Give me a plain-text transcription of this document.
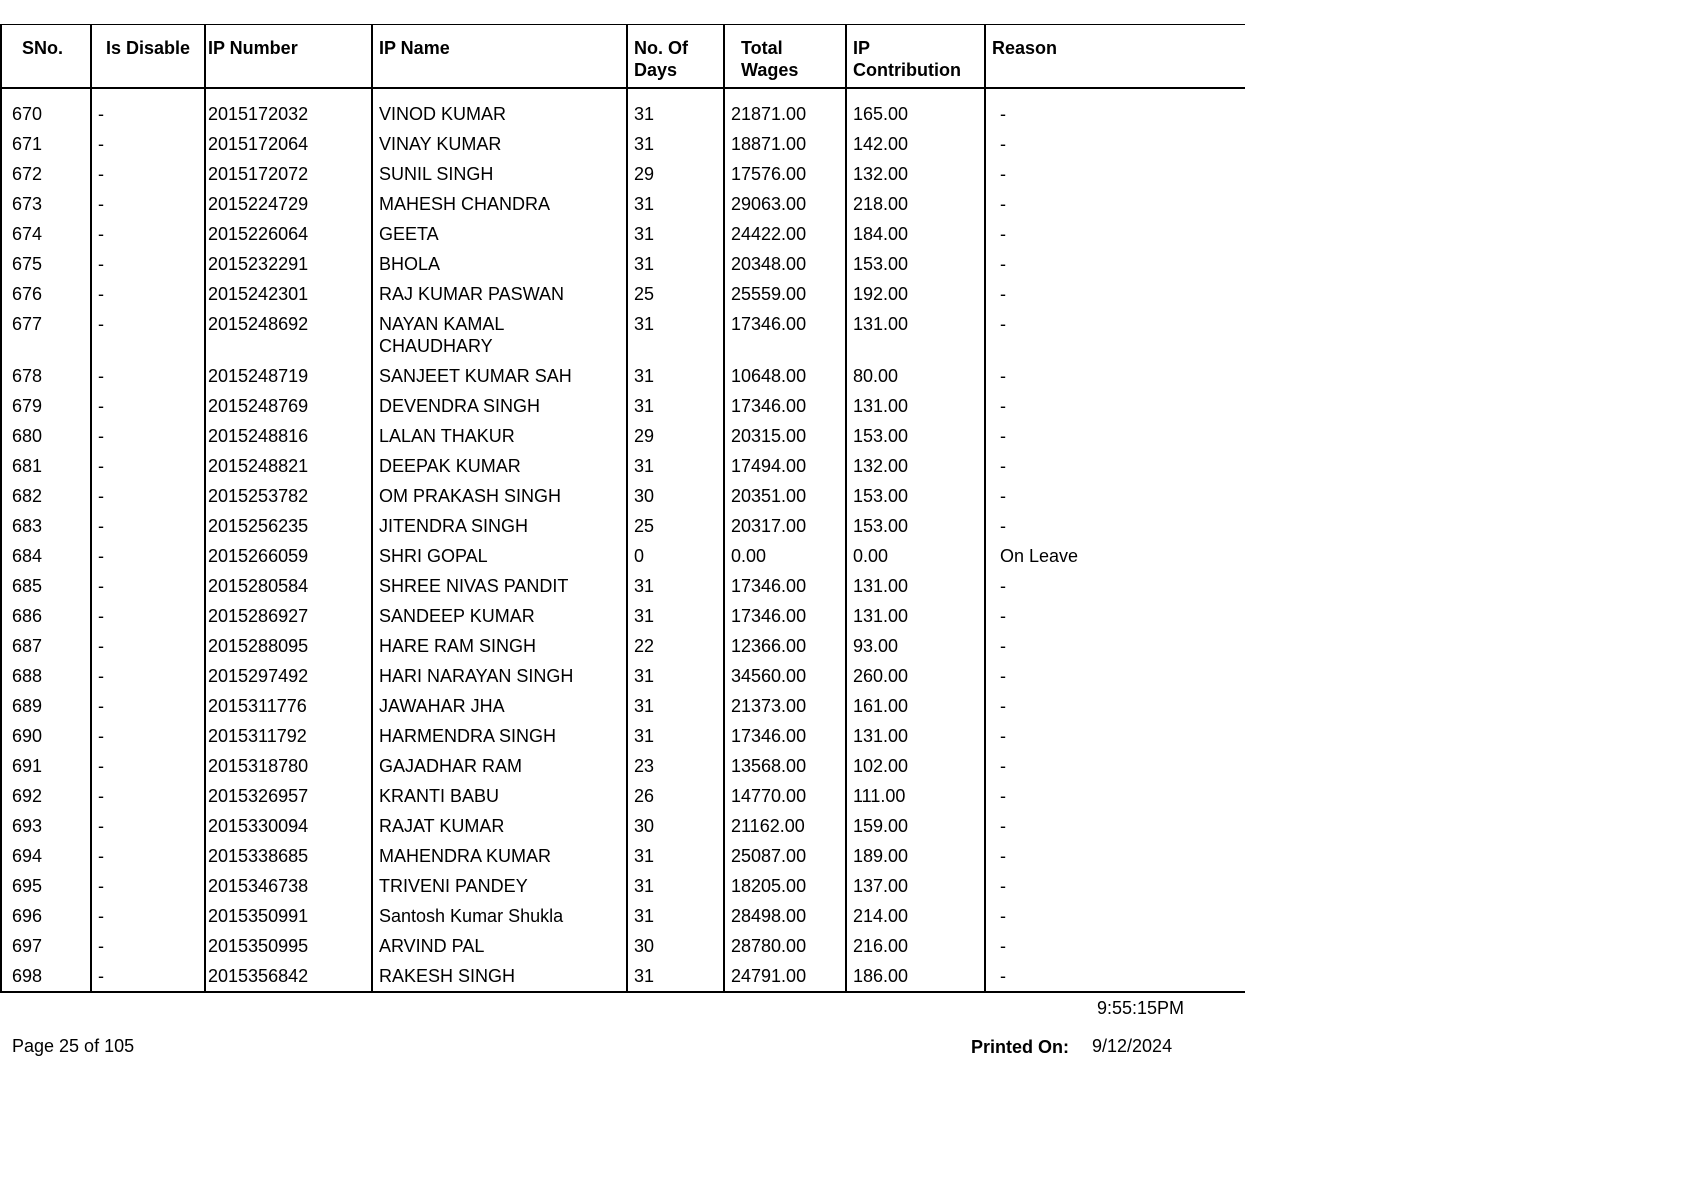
SNo.	Is Disable	IP Number	IP Name	No. Of Days	Total Wages	IP Contribution	Reason

670	-	2015172032	VINOD KUMAR	31	21871.00	165.00	-
671	-	2015172064	VINAY KUMAR	31	18871.00	142.00	-
672	-	2015172072	SUNIL SINGH	29	17576.00	132.00	-
673	-	2015224729	MAHESH CHANDRA	31	29063.00	218.00	-
674	-	2015226064	GEETA	31	24422.00	184.00	-
675	-	2015232291	BHOLA	31	20348.00	153.00	-
676	-	2015242301	RAJ KUMAR PASWAN	25	25559.00	192.00	-
677	-	2015248692	NAYAN KAMAL CHAUDHARY	31	17346.00	131.00	-
678	-	2015248719	SANJEET KUMAR SAH	31	10648.00	80.00	-
679	-	2015248769	DEVENDRA SINGH	31	17346.00	131.00	-
680	-	2015248816	LALAN THAKUR	29	20315.00	153.00	-
681	-	2015248821	DEEPAK KUMAR	31	17494.00	132.00	-
682	-	2015253782	OM PRAKASH SINGH	30	20351.00	153.00	-
683	-	2015256235	JITENDRA SINGH	25	20317.00	153.00	-
684	-	2015266059	SHRI GOPAL	0	0.00	0.00	On Leave
685	-	2015280584	SHREE NIVAS PANDIT	31	17346.00	131.00	-
686	-	2015286927	SANDEEP KUMAR	31	17346.00	131.00	-
687	-	2015288095	HARE RAM SINGH	22	12366.00	93.00	-
688	-	2015297492	HARI NARAYAN SINGH	31	34560.00	260.00	-
689	-	2015311776	JAWAHAR JHA	31	21373.00	161.00	-
690	-	2015311792	HARMENDRA SINGH	31	17346.00	131.00	-
691	-	2015318780	GAJADHAR RAM	23	13568.00	102.00	-
692	-	2015326957	KRANTI BABU	26	14770.00	111.00	-
693	-	2015330094	RAJAT KUMAR	30	21162.00	159.00	-
694	-	2015338685	MAHENDRA KUMAR	31	25087.00	189.00	-
695	-	2015346738	TRIVENI PANDEY	31	18205.00	137.00	-
696	-	2015350991	Santosh Kumar Shukla	31	28498.00	214.00	-
697	-	2015350995	ARVIND PAL	30	28780.00	216.00	-
698	-	2015356842	RAKESH SINGH	31	24791.00	186.00	-
9:55:15PM
Page 25 of 105	Printed On: 9/12/2024
